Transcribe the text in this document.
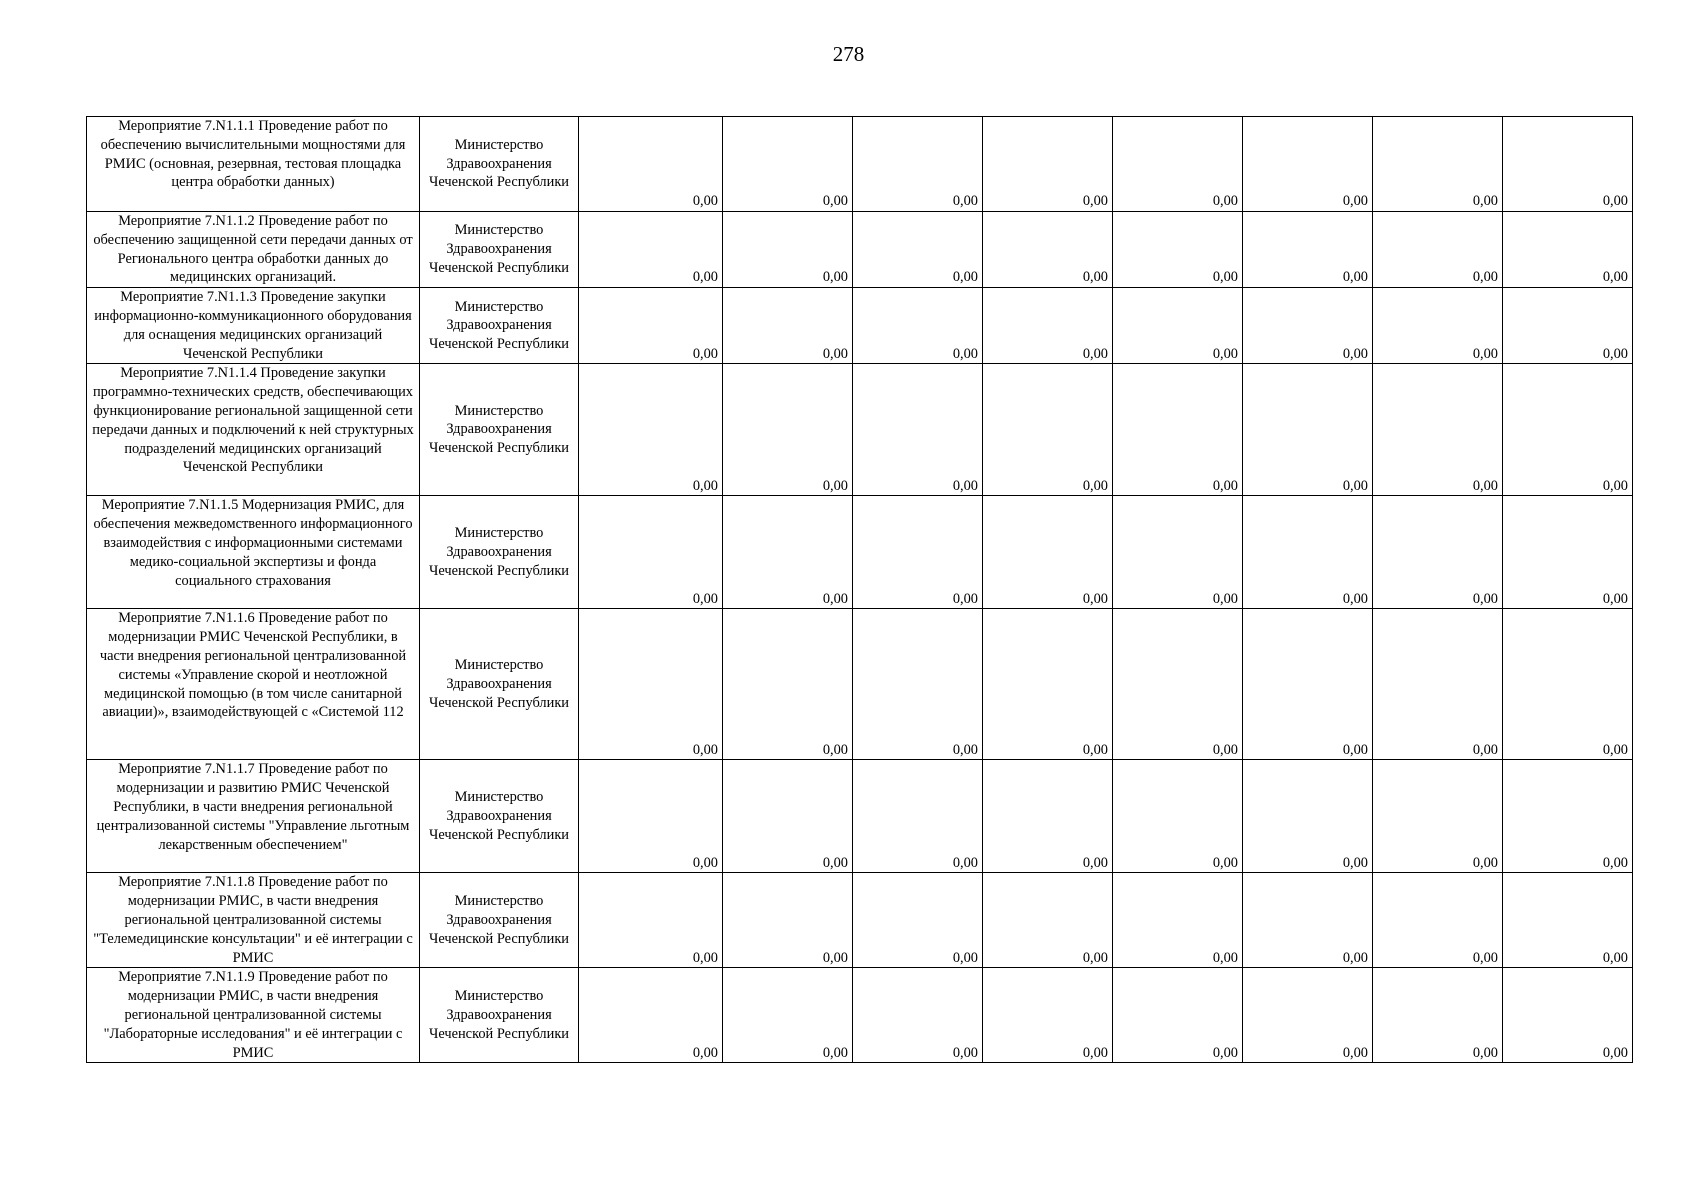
278
Мероприятие 7.N1.1.1 Проведение работ по обеспечению вычислительными мощностями для РМИС (основная, резервная, тестовая площадка центра обработки данных)	Министерство Здравоохранения Чеченской Республики	0,00	0,00	0,00	0,00	0,00	0,00	0,00	0,00
Мероприятие 7.N1.1.2 Проведение работ по обеспечению защищенной сети передачи данных от Регионального центра обработки данных до медицинских организаций.	Министерство Здравоохранения Чеченской Республики	0,00	0,00	0,00	0,00	0,00	0,00	0,00	0,00
Мероприятие 7.N1.1.3 Проведение закупки информационно-коммуникационного оборудования для оснащения медицинских организаций Чеченской Республики	Министерство Здравоохранения Чеченской Республики	0,00	0,00	0,00	0,00	0,00	0,00	0,00	0,00
Мероприятие 7.N1.1.4 Проведение закупки программно-технических средств, обеспечивающих функционирование региональной защищенной сети передачи данных и подключений к ней структурных подразделений медицинских организаций Чеченской Республики	Министерство Здравоохранения Чеченской Республики	0,00	0,00	0,00	0,00	0,00	0,00	0,00	0,00
Мероприятие 7.N1.1.5 Модернизация РМИС, для обеспечения межведомственного информационного взаимодействия с информационными системами медико-социальной экспертизы и фонда социального страхования	Министерство Здравоохранения Чеченской Республики	0,00	0,00	0,00	0,00	0,00	0,00	0,00	0,00
Мероприятие 7.N1.1.6 Проведение работ по модернизации РМИС Чеченской Республики, в части внедрения региональной централизованной системы «Управление скорой и неотложной медицинской помощью (в том числе санитарной авиации)», взаимодействующей с «Системой 112	Министерство Здравоохранения Чеченской Республики	0,00	0,00	0,00	0,00	0,00	0,00	0,00	0,00
Мероприятие 7.N1.1.7 Проведение работ по модернизации и развитию РМИС Чеченской Республики, в части внедрения региональной централизованной системы "Управление льготным лекарственным обеспечением"	Министерство Здравоохранения Чеченской Республики	0,00	0,00	0,00	0,00	0,00	0,00	0,00	0,00
Мероприятие 7.N1.1.8 Проведение работ по модернизации РМИС, в части внедрения региональной централизованной системы "Телемедицинские консультации" и её интеграции с РМИС	Министерство Здравоохранения Чеченской Республики	0,00	0,00	0,00	0,00	0,00	0,00	0,00	0,00
Мероприятие 7.N1.1.9 Проведение работ по модернизации РМИС, в части внедрения региональной централизованной системы "Лабораторные исследования" и её интеграции с РМИС	Министерство Здравоохранения Чеченской Республики	0,00	0,00	0,00	0,00	0,00	0,00	0,00	0,00
